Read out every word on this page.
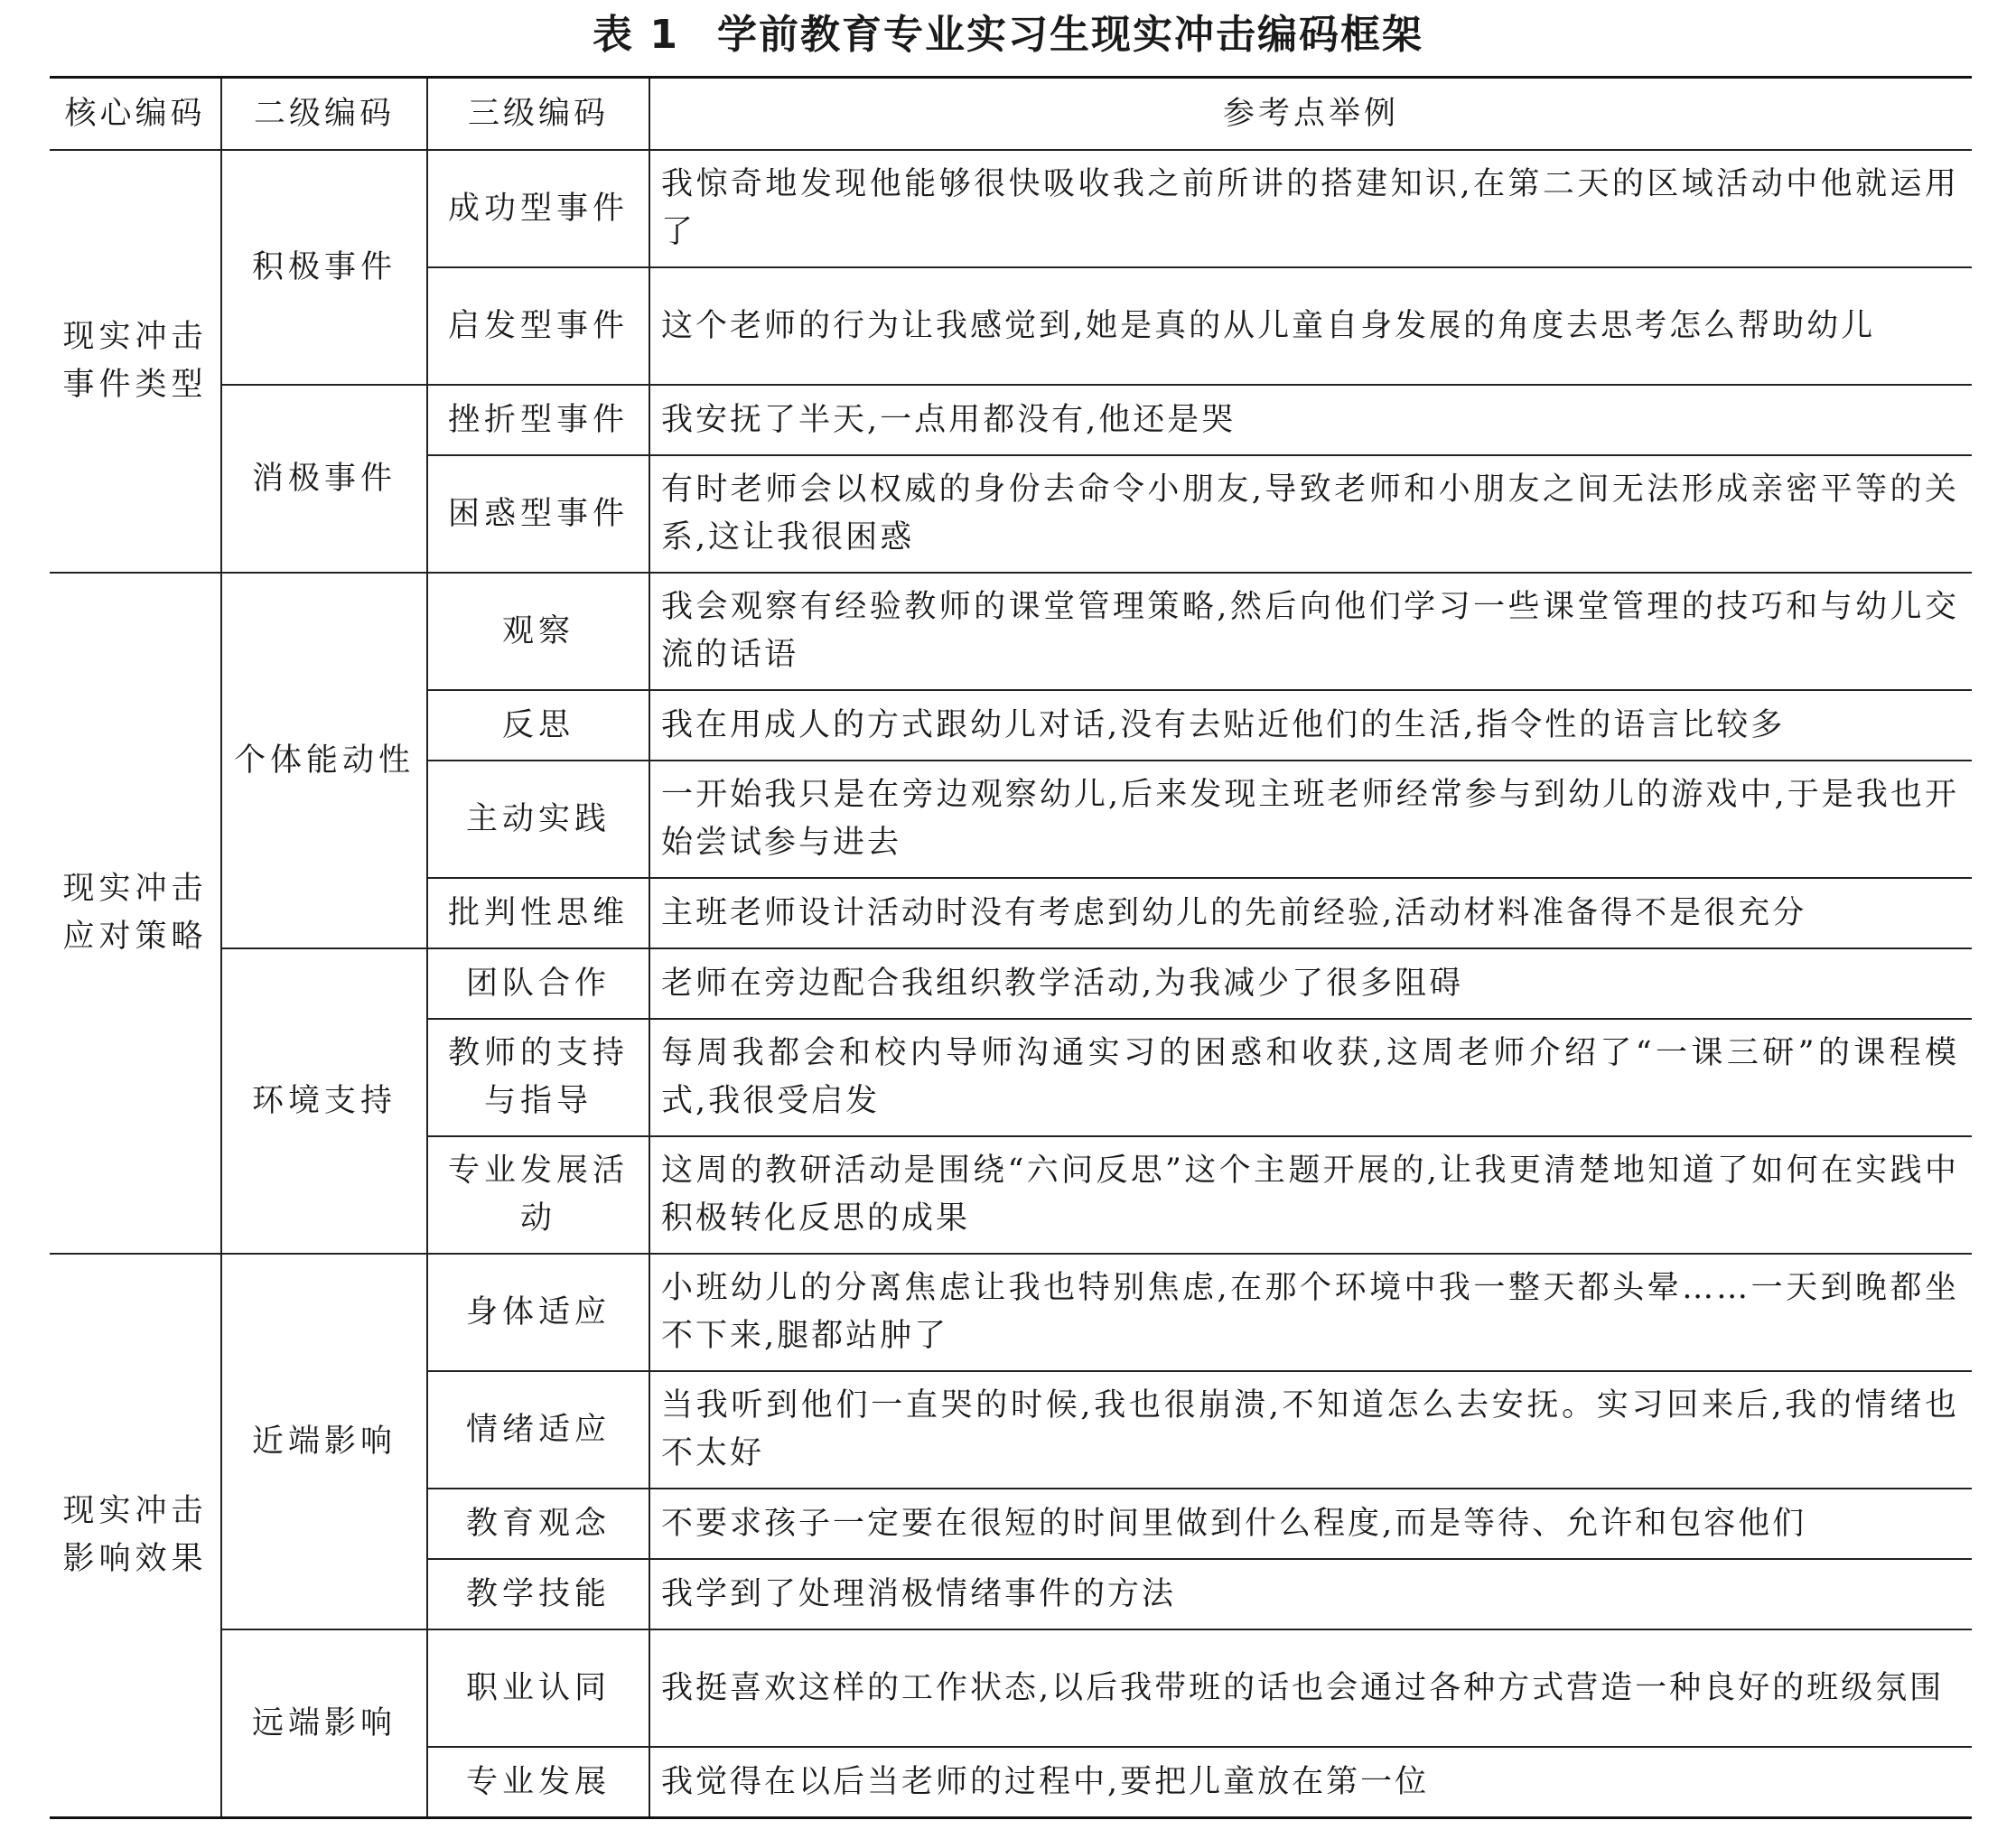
表 1 学前教育专业实习生现实冲击编码框架
核心编码	二级编码	三级编码	参考点举例
现实冲击事件类型	积极事件	成功型事件	我惊奇地发现他能够很快吸收我之前所讲的搭建知识,在第二天的区域活动中他就运用了
		启发型事件	这个老师的行为让我感觉到,她是真的从儿童自身发展的角度去思考怎么帮助幼儿
	消极事件	挫折型事件	我安抚了半天,一点用都没有,他还是哭
		困惑型事件	有时老师会以权威的身份去命令小朋友,导致老师和小朋友之间无法形成亲密平等的关系,这让我很困惑
现实冲击应对策略	个体能动性	观察	我会观察有经验教师的课堂管理策略,然后向他们学习一些课堂管理的技巧和与幼儿交流的话语
		反思	我在用成人的方式跟幼儿对话,没有去贴近他们的生活,指令性的语言比较多
		主动实践	一开始我只是在旁边观察幼儿,后来发现主班老师经常参与到幼儿的游戏中,于是我也开始尝试参与进去
		批判性思维	主班老师设计活动时没有考虑到幼儿的先前经验,活动材料准备得不是很充分
	环境支持	团队合作	老师在旁边配合我组织教学活动,为我减少了很多阻碍
		教师的支持与指导	每周我都会和校内导师沟通实习的困惑和收获,这周老师介绍了“一课三研”的课程模式,我很受启发
		专业发展活动	这周的教研活动是围绕“六问反思”这个主题开展的,让我更清楚地知道了如何在实践中积极转化反思的成果
现实冲击影响效果	近端影响	身体适应	小班幼儿的分离焦虑让我也特别焦虑,在那个环境中我一整天都头晕……一天到晚都坐不下来,腿都站肿了
		情绪适应	当我听到他们一直哭的时候,我也很崩溃,不知道怎么去安抚。实习回来后,我的情绪也不太好
		教育观念	不要求孩子一定要在很短的时间里做到什么程度,而是等待、允许和包容他们
		教学技能	我学到了处理消极情绪事件的方法
	远端影响	职业认同	我挺喜欢这样的工作状态,以后我带班的话也会通过各种方式营造一种良好的班级氛围
		专业发展	我觉得在以后当老师的过程中,要把儿童放在第一位
